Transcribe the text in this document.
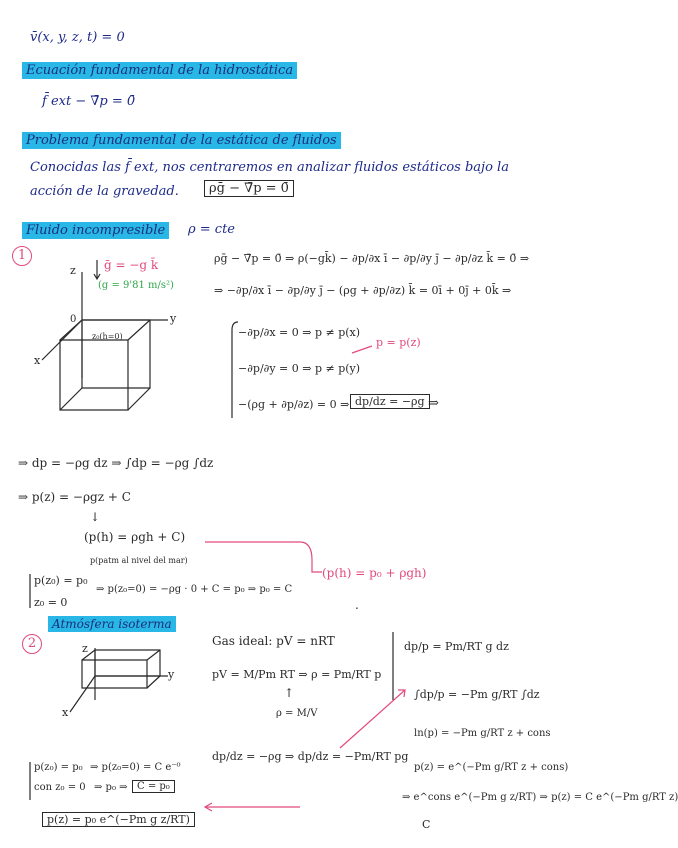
1
2
v̄(x, y, z, t) = 0
Ecuación fundamental de la hidrostática
f̄ ext − ∇̄p = 0̄
Problema fundamental de la estática de fluidos
Conocidas las f̄ ext, nos centraremos en analizar fluidos estáticos bajo la
acción de la gravedad.	ρḡ − ∇̄p = 0̄
Fluido incompresible	ρ = cte
ḡ = −g k̄
(g = 9'81 m/s²)
z
y
x
0
z₀(h=0)
ρḡ − ∇̄p = 0̄ ⇒ ρ(−gk̄) − ∂p/∂x ī − ∂p/∂y j̄ − ∂p/∂z k̄ = 0̄ ⇒
⇒ −∂p/∂x ī − ∂p/∂y j̄ − (ρg + ∂p/∂z) k̄ = 0ī + 0j̄ + 0k̄ ⇒
−∂p/∂x = 0 ⇒ p ≠ p(x)
p = p(z)
−∂p/∂y = 0 ⇒ p ≠ p(y)
−(ρg + ∂p/∂z) = 0 ⇒ dp/dz = −ρg ⇒
⇒ dp = −ρg dz ⇒ ∫dp = −ρg ∫dz
⇒ p(z) = −ρgz + C
↓
(p(h) = ρgh + C)
p(patm al nivel del mar)
p(z₀) = p₀
z₀ = 0
⇒ p(z₀=0) = −ρg · 0 + C = p₀ ⇒ p₀ = C
(p(h) = p₀ + ρgh)
.
Atmósfera isoterma
z
y
x
Gas ideal: pV = nRT
pV = M/Pm RT ⇒ ρ = Pm/RT p
↑
ρ = M/V
dp/dz = −ρg ⇒ dp/dz = −Pm/RT pg
dp/p = Pm/RT g dz
∫dp/p = −Pm g/RT ∫dz
ln(p) = −Pm g/RT z + cons
p(z) = e^(−Pm g/RT z + cons)
⇒ e^cons e^(−Pm g z/RT) ⇒ p(z) = C e^(−Pm g/RT z)
C
p(z₀) = p₀ ⇒ p(z₀=0) = C e⁻⁰
con z₀ = 0 ⇒ p₀ ⇒ C = p₀
p(z) = p₀ e^(−Pm g z/RT)
